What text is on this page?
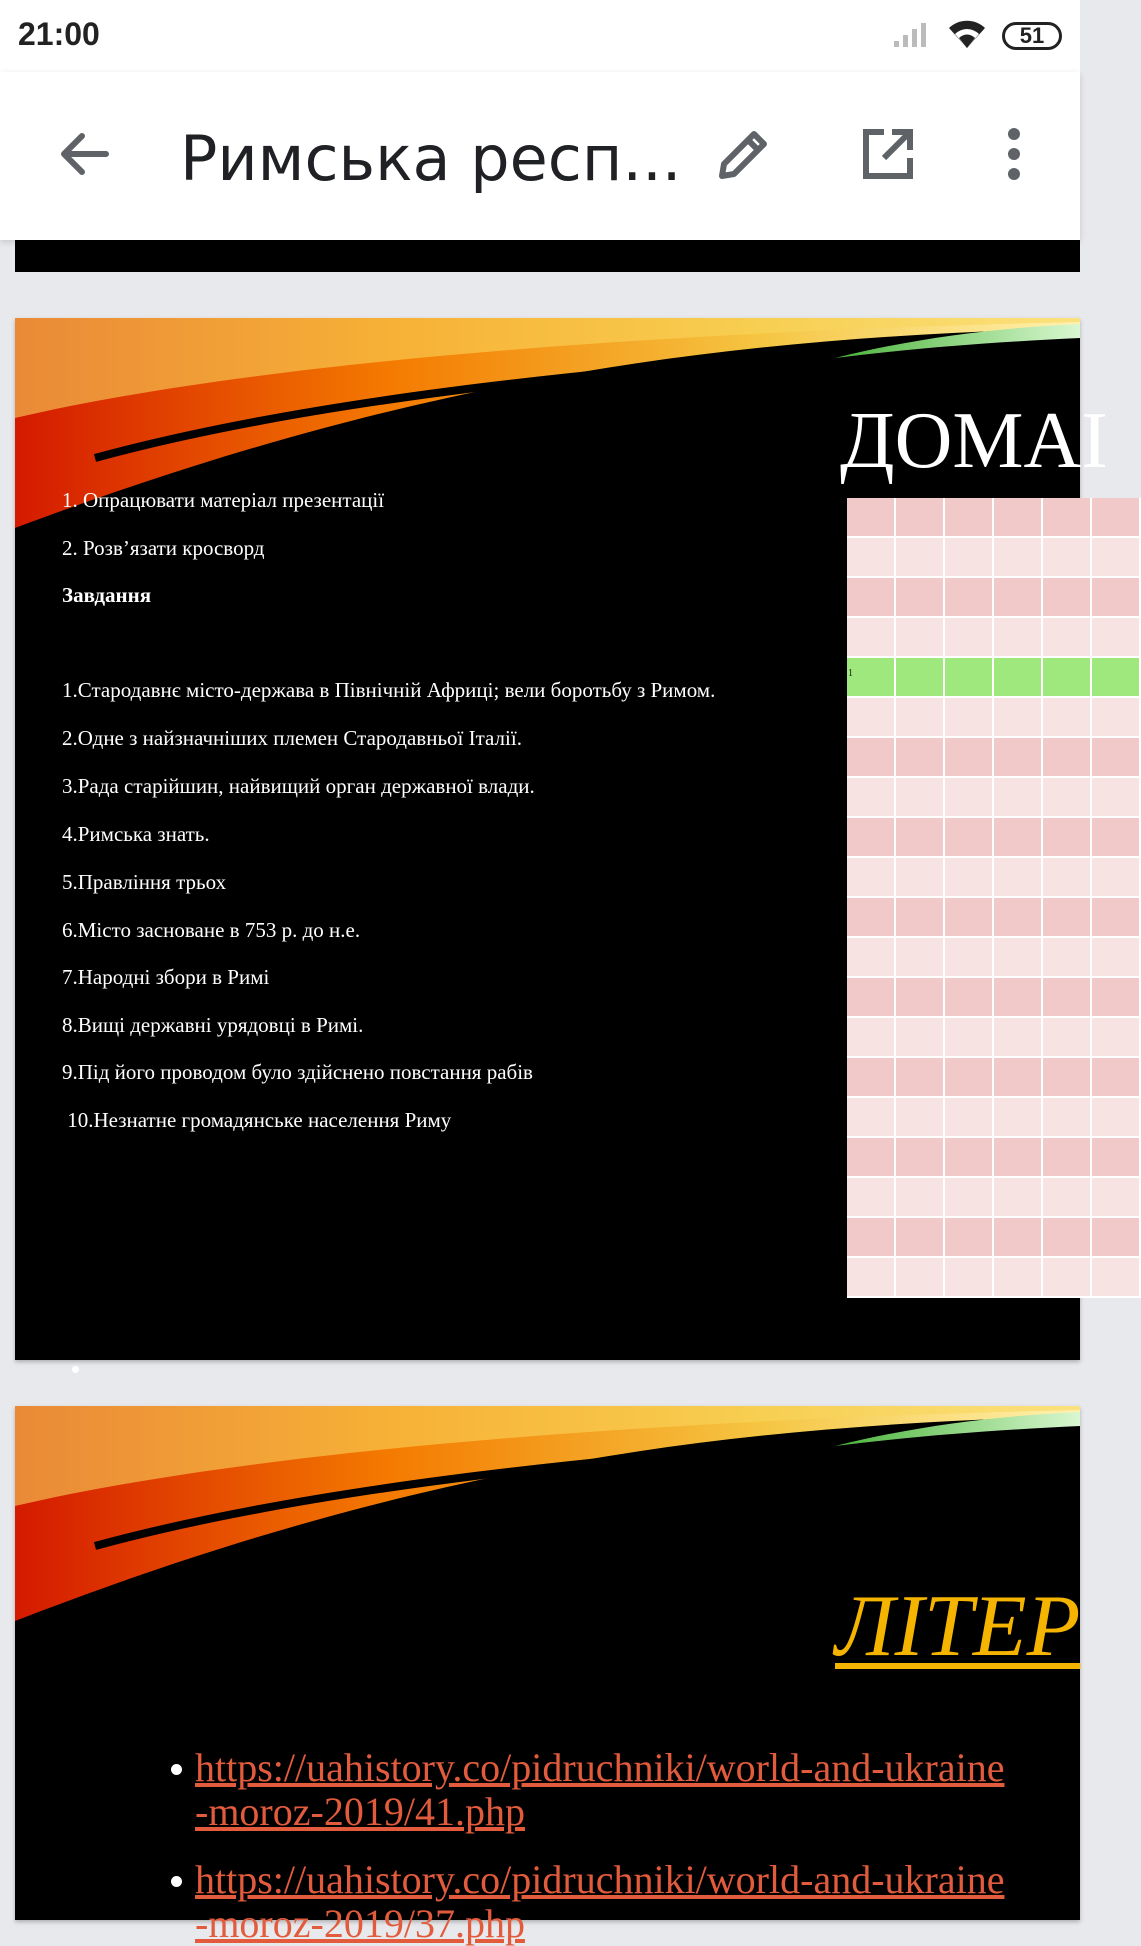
21:00	51
Римська респ...
ДОМАІ
1. Опрацювати матеріал презентації
2. Розв’язати кросворд
Завдання
1.Стародавнє місто-держава в Північній Африці; вели боротьбу з Римом.
2.Одне з найзначніших племен Стародавньої Італії.
3.Рада старійшин, найвищий орган державної влади.
4.Римська знать.
5.Правління трьох
6.Місто засноване в 753 р. до н.е.
7.Народні збори в Римі
8.Вищі державні урядовці в Римі.
9.Під його проводом було здійснено повстання рабів
10.Незнатне громадянське населення Риму
1
ЛІТЕР
https://uahistory.co/pidruchniki/world-and-ukraine
-moroz-2019/41.php
https://uahistory.co/pidruchniki/world-and-ukraine
-moroz-2019/37.php
